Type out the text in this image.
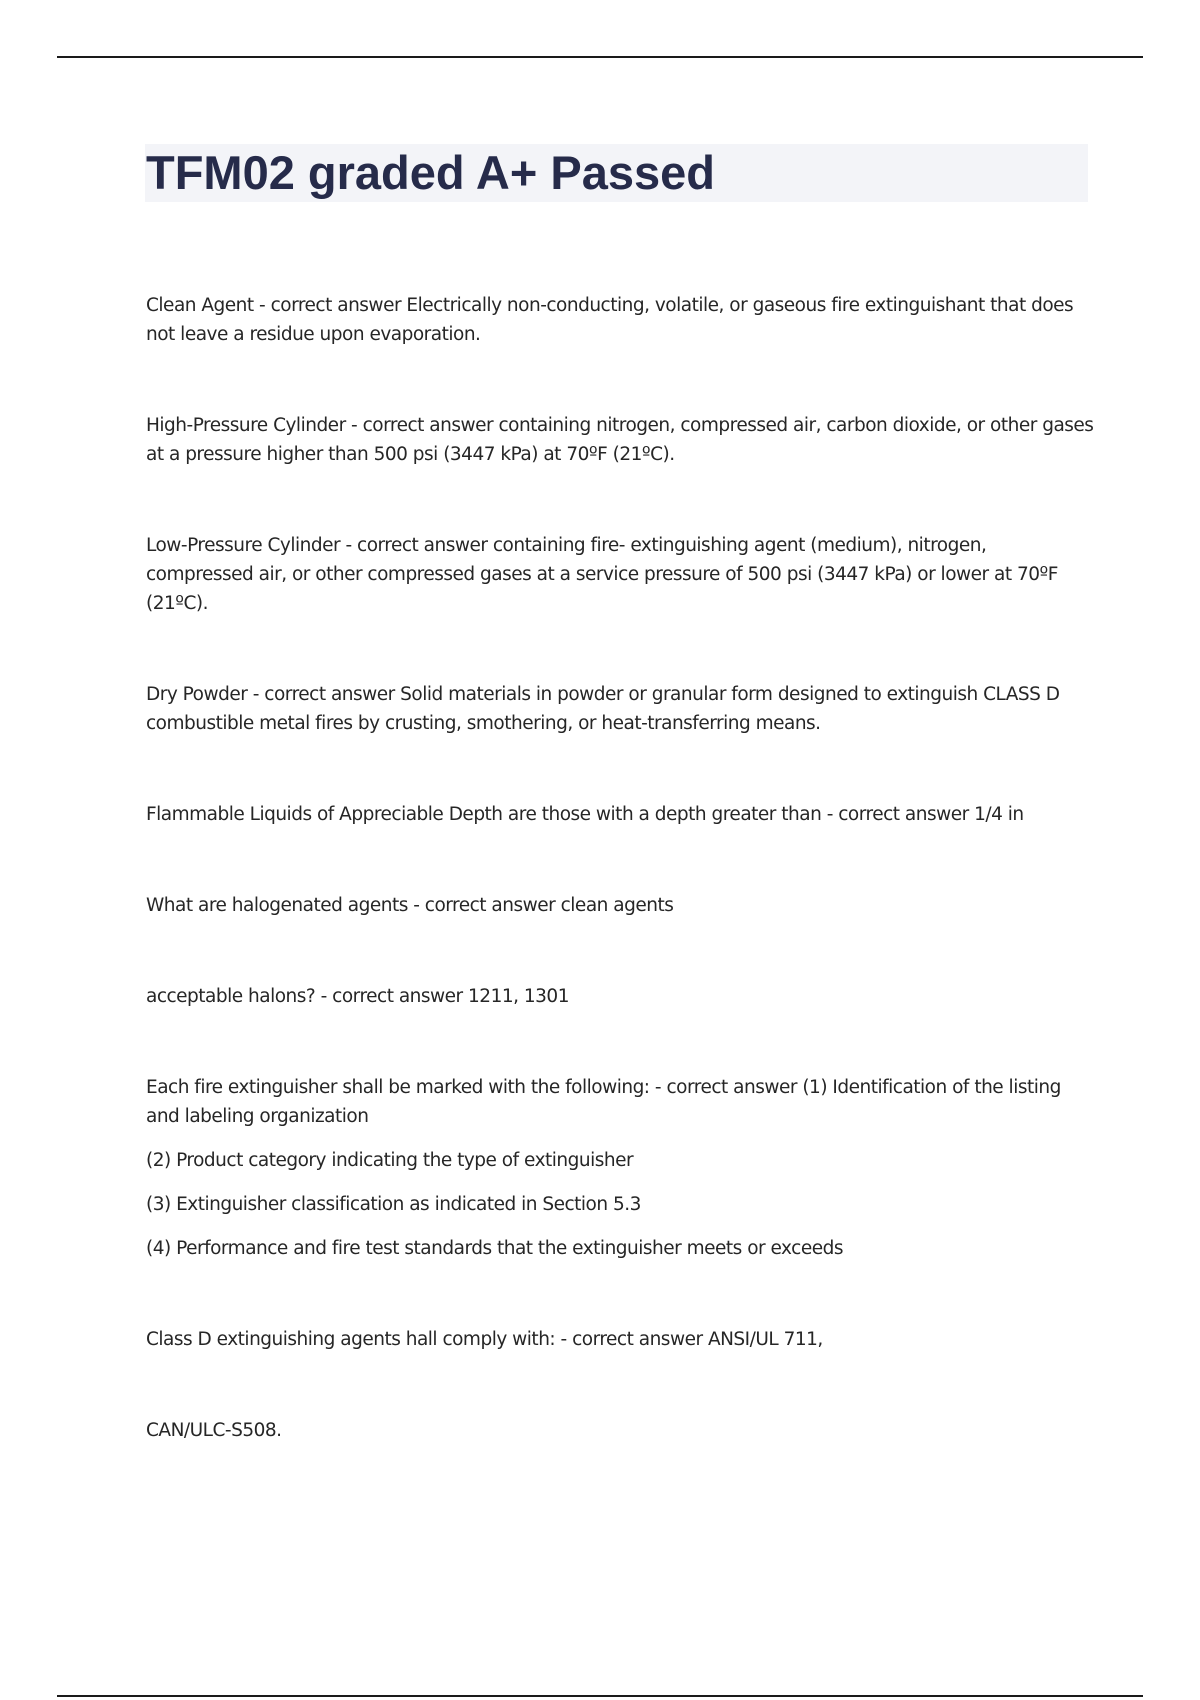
TFM02 graded A+ Passed

Clean Agent - correct answer Electrically non-conducting, volatile, or gaseous fire extinguishant that does not leave a residue upon evaporation.

High-Pressure Cylinder - correct answer containing nitrogen, compressed air, carbon dioxide, or other gases at a pressure higher than 500 psi (3447 kPa) at 70ºF (21ºC).

Low-Pressure Cylinder - correct answer containing fire- extinguishing agent (medium), nitrogen, compressed air, or other compressed gases at a service pressure of 500 psi (3447 kPa) or lower at 70ºF (21ºC).

Dry Powder - correct answer Solid materials in powder or granular form designed to extinguish CLASS D combustible metal fires by crusting, smothering, or heat-transferring means.

Flammable Liquids of Appreciable Depth are those with a depth greater than - correct answer 1/4 in

What are halogenated agents - correct answer clean agents

acceptable halons? - correct answer 1211, 1301

Each fire extinguisher shall be marked with the following: - correct answer (1) Identification of the listing and labeling organization

(2) Product category indicating the type of extinguisher

(3) Extinguisher classification as indicated in Section 5.3

(4) Performance and fire test standards that the extinguisher meets or exceeds

Class D extinguishing agents hall comply with: - correct answer ANSI/UL 711,

CAN/ULC-S508.
